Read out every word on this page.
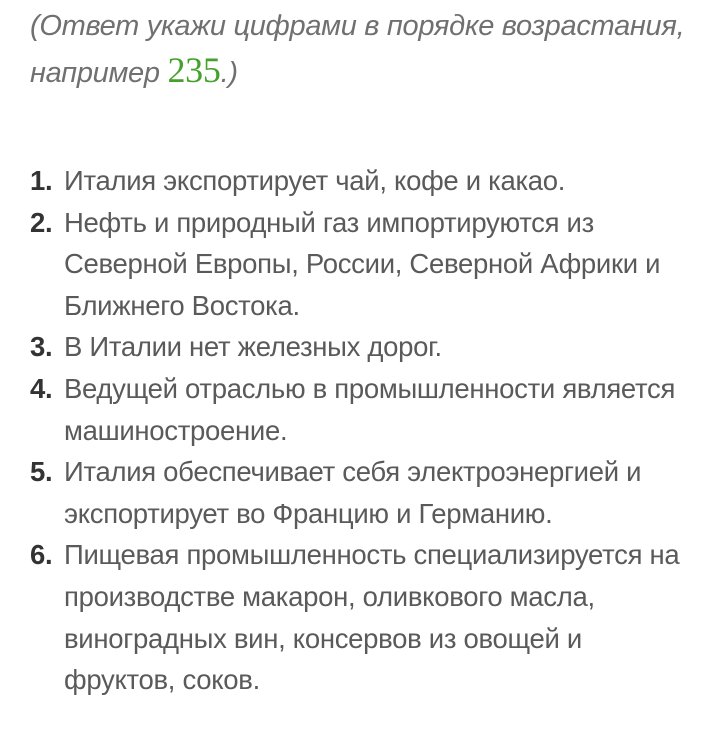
(Ответ укажи цифрами в порядке возрастания,
например 235.)
1. Италия экспортирует чай, кофе и какао.
2. Нефть и природный газ импортируются из Северной Европы, России, Северной Африки и Ближнего Востока.
3. В Италии нет железных дорог.
4. Ведущей отраслью в промышленности является машиностроение.
5. Италия обеспечивает себя электроэнергией и экспортирует во Францию и Германию.
6. Пищевая промышленность специализируется на производстве макарон, оливкового масла, виноградных вин, консервов из овощей и фруктов, соков.
